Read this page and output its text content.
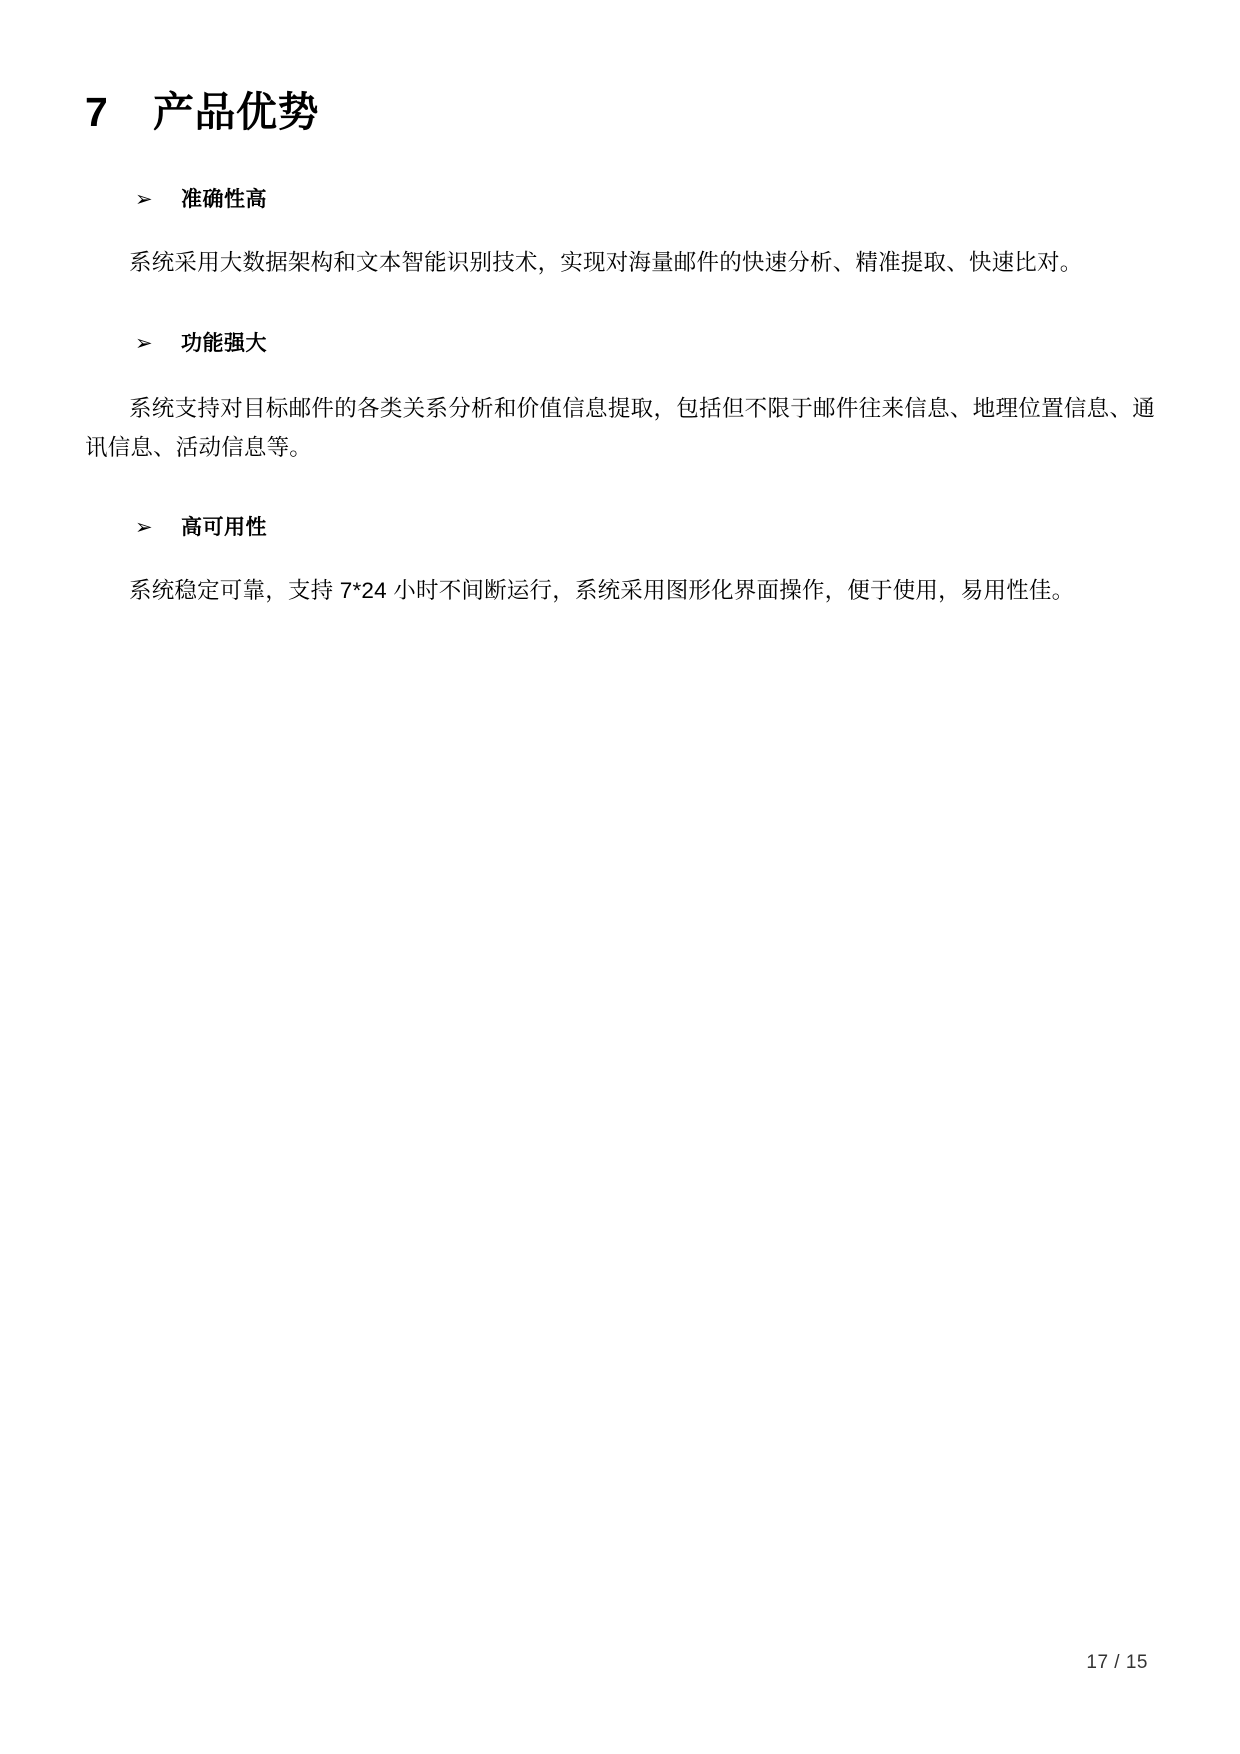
7 产品优势
➢	准确性高

系统采用大数据架构和文本智能识别技术，实现对海量邮件的快速分析、精准提取、快速比对。

➢	功能强大

系统支持对目标邮件的各类关系分析和价值信息提取，包括但不限于邮件往来信息、地理位置信息、通讯信息、活动信息等。

➢	高可用性

系统稳定可靠，支持 7*24 小时不间断运行，系统采用图形化界面操作，便于使用，易用性佳。

17 / 15
